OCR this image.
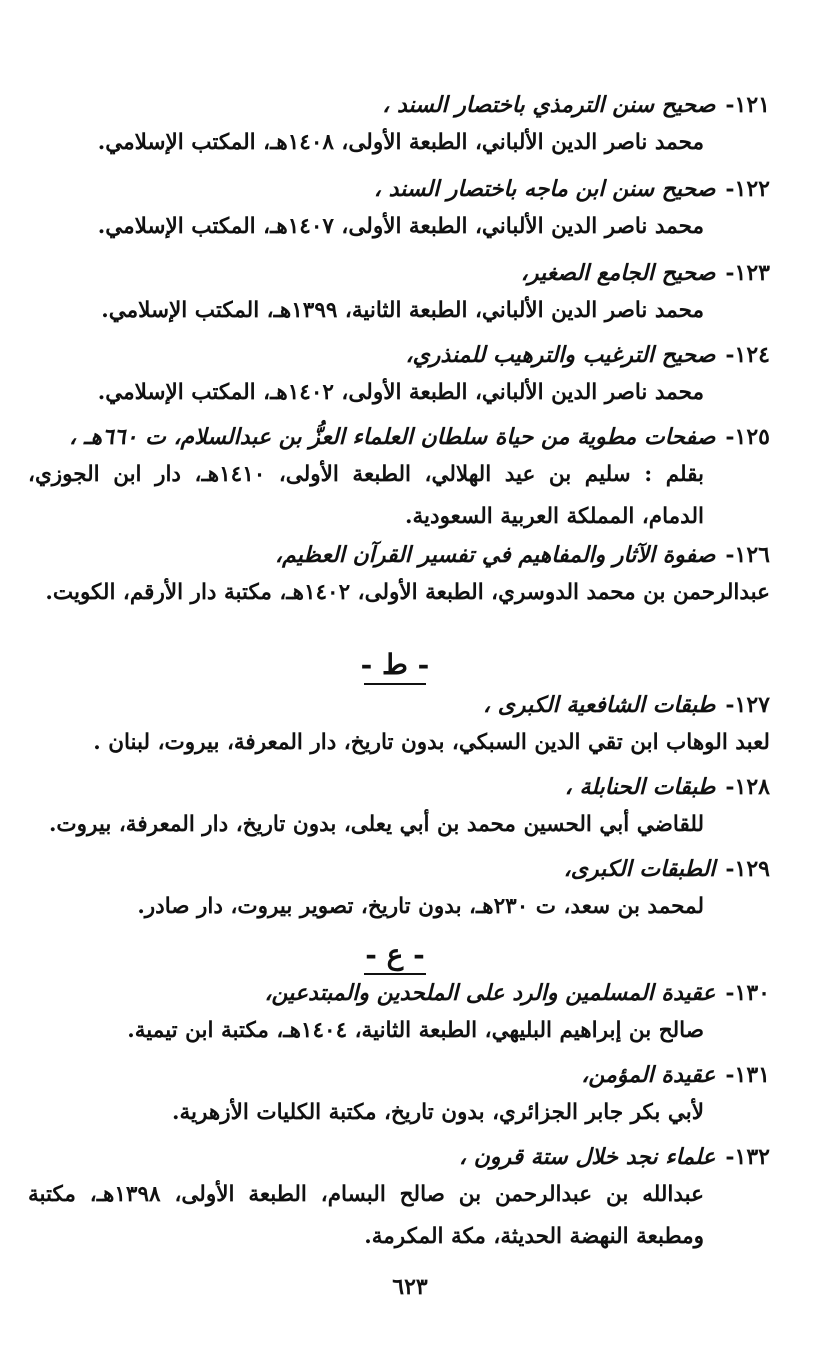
١٢١
-
صحيح سنن الترمذي باختصار السند ،
محمد ناصر الدين الألباني، الطبعة الأولى، ١٤٠٨هـ، المكتب الإسلامي.
١٢٢
-
صحيح سنن ابن ماجه باختصار السند ،
محمد ناصر الدين الألباني، الطبعة الأولى، ١٤٠٧هـ، المكتب الإسلامي.
١٢٣
-
صحيح الجامع الصغير،
محمد ناصر الدين الألباني، الطبعة الثانية، ١٣٩٩هـ، المكتب الإسلامي.
١٢٤
-
صحيح الترغيب والترهيب للمنذري،
محمد ناصر الدين الألباني، الطبعة الأولى، ١٤٠٢هـ، المكتب الإسلامي.
١٢٥
-
صفحات مطوية من حياة سلطان العلماء العزُّ بن عبدالسلام، ت ٦٦٠هـ ،
بقلم : سليم بن عيد الهلالي، الطبعة الأولى، ١٤١٠هـ، دار ابن الجوزي، الدمام، المملكة العربية السعودية.
١٢٦
-
صفوة الآثار والمفاهيم في تفسير القرآن العظيم،
عبدالرحمن بن محمد الدوسري، الطبعة الأولى، ١٤٠٢هـ، مكتبة دار الأرقم، الكويت.
- ط -
١٢٧
-
طبقات الشافعية الكبرى ،
لعبد الوهاب ابن تقي الدين السبكي، بدون تاريخ، دار المعرفة، بيروت، لبنان .
١٢٨
-
طبقات الحنابلة ،
للقاضي أبي الحسين محمد بن أبي يعلى، بدون تاريخ، دار المعرفة، بيروت.
١٢٩
-
الطبقات الكبرى،
لمحمد بن سعد، ت ٢٣٠هـ، بدون تاريخ، تصوير بيروت، دار صادر.
- ع -
١٣٠
-
عقيدة المسلمين والرد على الملحدين والمبتدعين،
صالح بن إبراهيم البليهي، الطبعة الثانية، ١٤٠٤هـ، مكتبة ابن تيمية.
١٣١
-
عقيدة المؤمن،
لأبي بكر جابر الجزائري، بدون تاريخ، مكتبة الكليات الأزهرية.
١٣٢
-
علماء نجد خلال ستة قرون ،
عبدالله بن عبدالرحمن بن صالح البسام، الطبعة الأولى، ١٣٩٨هـ، مكتبة ومطبعة النهضة الحديثة، مكة المكرمة.
٦٢٣
